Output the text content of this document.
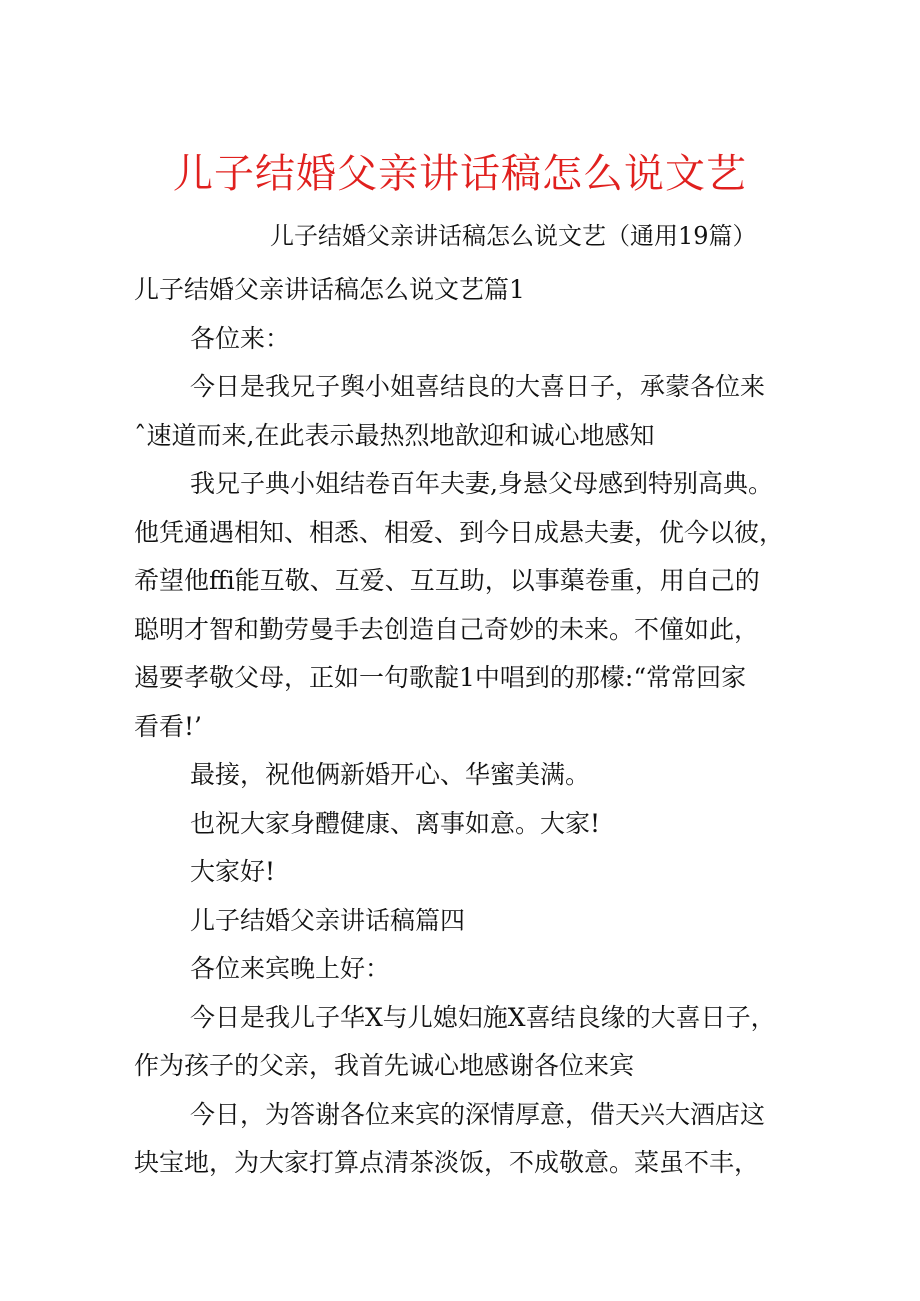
儿子结婚父亲讲话稿怎么说文艺
儿子结婚父亲讲话稿怎么说文艺（通用19篇）
儿子结婚父亲讲话稿怎么说文艺篇1
各位来：
今日是我兄子舆小姐喜结良的大喜日子，承蒙各位来
ˆ速道而来,在此表示最热烈地歆迎和诚心地感知
我兄子典小姐结卷百年夫妻,身悬父母感到特别高典。
他凭通遇相知、相悉、相爱、到今日成悬夫妻，优今以彼，
希望他ffi能互敬、互爱、互互助，以事蕖卷重，用自己的
聪明才智和勤劳曼手去创造自己奇妙的未来。不僮如此，
遏要孝敬父母，正如一句歌靛1中唱到的那檬:“常常回家
看看!’
最接，祝他俩新婚开心、华蜜美满。
也祝大家身醴健康、离事如意。大家!
大家好!
儿子结婚父亲讲话稿篇四
各位来宾晚上好：
今日是我儿子华X与儿媳妇施X喜结良缘的大喜日子，
作为孩子的父亲，我首先诚心地感谢各位来宾
今日，为答谢各位来宾的深情厚意，借天兴大酒店这
块宝地，为大家打算点清茶淡饭，不成敬意。菜虽不丰，
